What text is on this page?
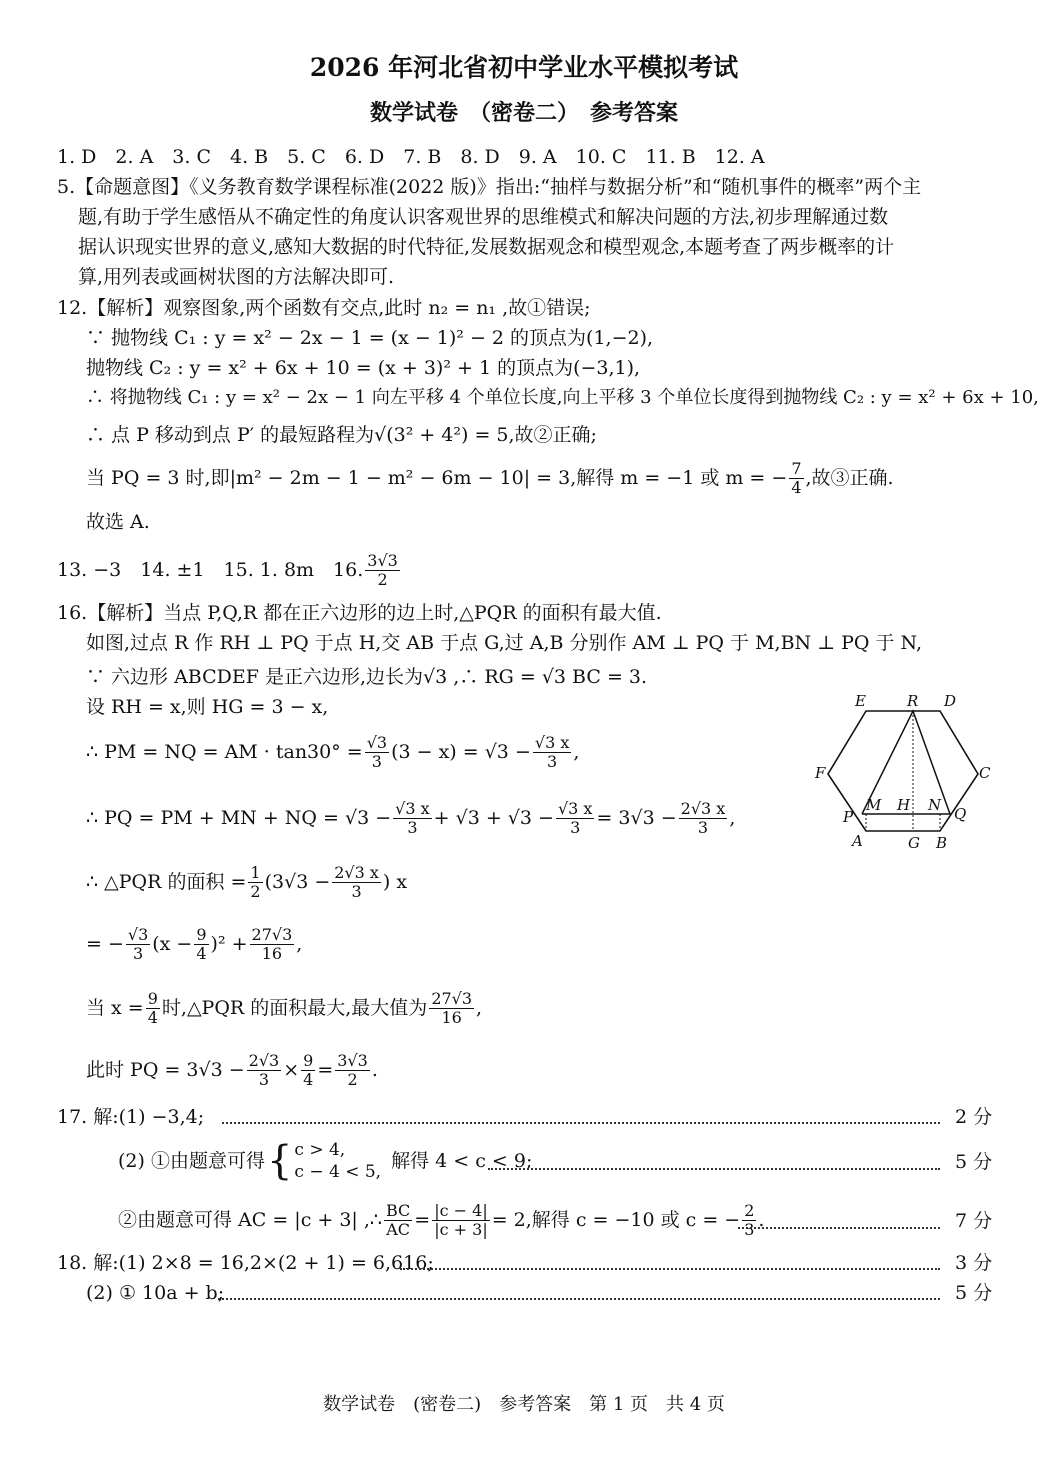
2026 年河北省初中学业水平模拟考试
数学试卷　（密卷二）　参考答案
1. D　2. A　3. C　4. B　5. C　6. D　7. B　8. D　9. A　10. C　11. B　12. A
5.【命题意图】《义务教育数学课程标准(2022 版)》指出:“抽样与数据分析”和“随机事件的概率”两个主
题,有助于学生感悟从不确定性的角度认识客观世界的思维模式和解决问题的方法,初步理解通过数
据认识现实世界的意义,感知大数据的时代特征,发展数据观念和模型观念,本题考查了两步概率的计
算,用列表或画树状图的方法解决即可.
12.【解析】观察图象,两个函数有交点,此时 n₂ = n₁ ,故①错误;
∵ 抛物线 C₁ : y = x² − 2x − 1 = (x − 1)² − 2 的顶点为(1,−2),
抛物线 C₂ : y = x² + 6x + 10 = (x + 3)² + 1 的顶点为(−3,1),
∴ 将抛物线 C₁ : y = x² − 2x − 1 向左平移 4 个单位长度,向上平移 3 个单位长度得到抛物线 C₂ : y = x² + 6x + 10,
∴ 点 P 移动到点 P′ 的最短路程为√(3² + 4²) = 5,故②正确;
当 PQ = 3 时,即|m² − 2m − 1 − m² − 6m − 10| = 3,解得 m = −1 或 m = − $\frac{7}{4}$ ,故③正确.
故选 A.
13. −3　14. ±1　15. 1. 8m　16. $\frac{3√3}{2}$
16.【解析】当点 P,Q,R 都在正六边形的边上时,△PQR 的面积有最大值.
如图,过点 R 作 RH ⊥ PQ 于点 H,交 AB 于点 G,过 A,B 分别作 AM ⊥ PQ 于 M,BN ⊥ PQ 于 N,
∵ 六边形 ABCDEF 是正六边形,边长为√3 ,∴ RG = √3 BC = 3.
设 RH = x,则 HG = 3 − x,
∴ PM = NQ = AM · $\tan 30^\circ = \frac{√3}{3} (3 - x) = √3 - \frac{√3 x}{3}$ ,
∴ PQ = PM + MN + NQ = $√3 - \frac{√3 x}{3} + √3 + √3 - \frac{√3 x}{3} = 3√3 - \frac{2√3 x}{3}$ ,
∴ △PQR 的面积 = $\frac{1}{2} (3√3 - \frac{2√3 x}{3}$ ) x
= − $\frac{√3}{3} (x - \frac{9}{4} )^2 + \frac{27√3}{16}$ ,
当 $x = \frac{9}{4}$ 时,△PQR 的面积最大,最大值为 $\frac{27√3}{16}$ ,
此时 PQ = $3√3 - \frac{2√3}{3} \times \frac{9}{4} = \frac{3√3}{2}$ .
E	R D
F	C
M H N
P	Q
A	G B
17. 解:(1) −3,4;	2 分
(2) ①由题意可得 { c > 4,
c − 4 < 5, 解得 4 < c < 9;	5 分
②由题意可得 AC = |c + 3| ,∴ $\frac{BC}{AC} = \frac{|c - 4|}{|c + 3|} = 2$,解得 c = −10 或 c = − $\frac{2}{3}$ .	7 分
18. 解:(1) 2×8 = 16,2×(2 + 1) = 6,616;	3 分
(2) ① 10a + b;	5 分
数学试卷　(密卷二)　参考答案　第 1 页　共 4 页
